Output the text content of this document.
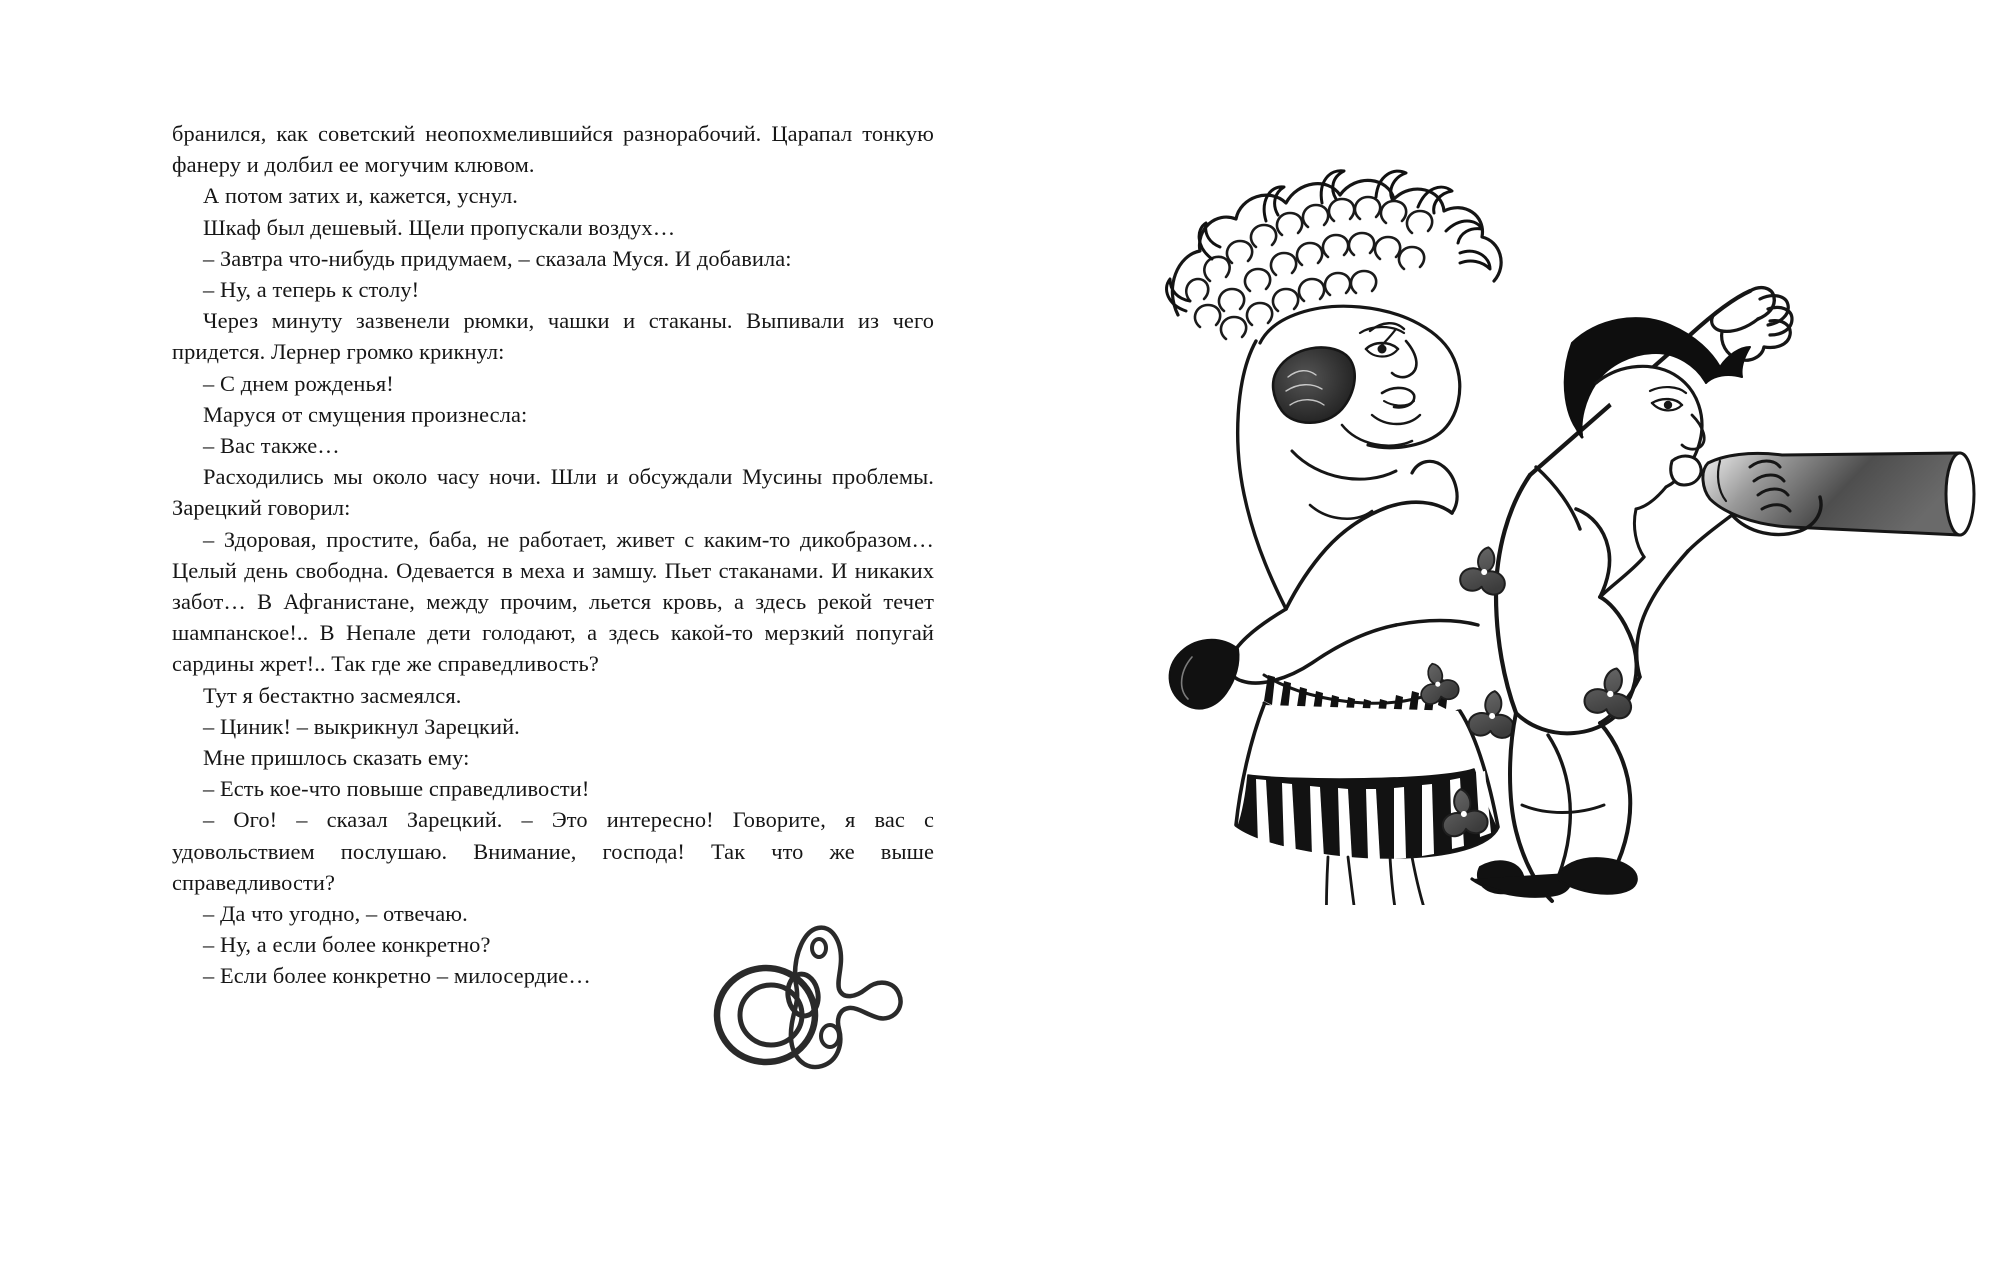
бранился, как советский неопохмелившийся разнорабочий. Царапал тонкую фанеру и долбил ее могучим клювом.

А потом затих и, кажется, уснул.

Шкаф был дешевый. Щели пропускали воздух…

– Завтра что-нибудь придумаем, – сказала Муся. И добавила:

– Ну, а теперь к столу!

Через минуту зазвенели рюмки, чашки и стаканы. Выпивали из чего придется. Лернер громко крикнул:

– С днем рожденья!

Маруся от смущения произнесла:

– Вас также…

Расходились мы около часу ночи. Шли и обсуждали Мусины проблемы. Зарецкий говорил:

– Здоровая, простите, баба, не работает, живет с каким-то дикобразом… Целый день свободна. Одевается в меха и замшу. Пьет стаканами. И никаких забот… В Афганистане, между прочим, льется кровь, а здесь рекой течет шампанское!.. В Непале дети голодают, а здесь какой-то мерзкий попугай сардины жрет!.. Так где же справедливость?

Тут я бестактно засмеялся.

– Циник! – выкрикнул Зарецкий.

Мне пришлось сказать ему:

– Есть кое-что повыше справедливости!

– Ого! – сказал Зарецкий. – Это интересно! Говорите, я вас с удовольствием послушаю. Внимание, господа! Так что же выше справедливости?

– Да что угодно, – отвечаю.

– Ну, а если более конкретно?

– Если более конкретно – милосердие…
